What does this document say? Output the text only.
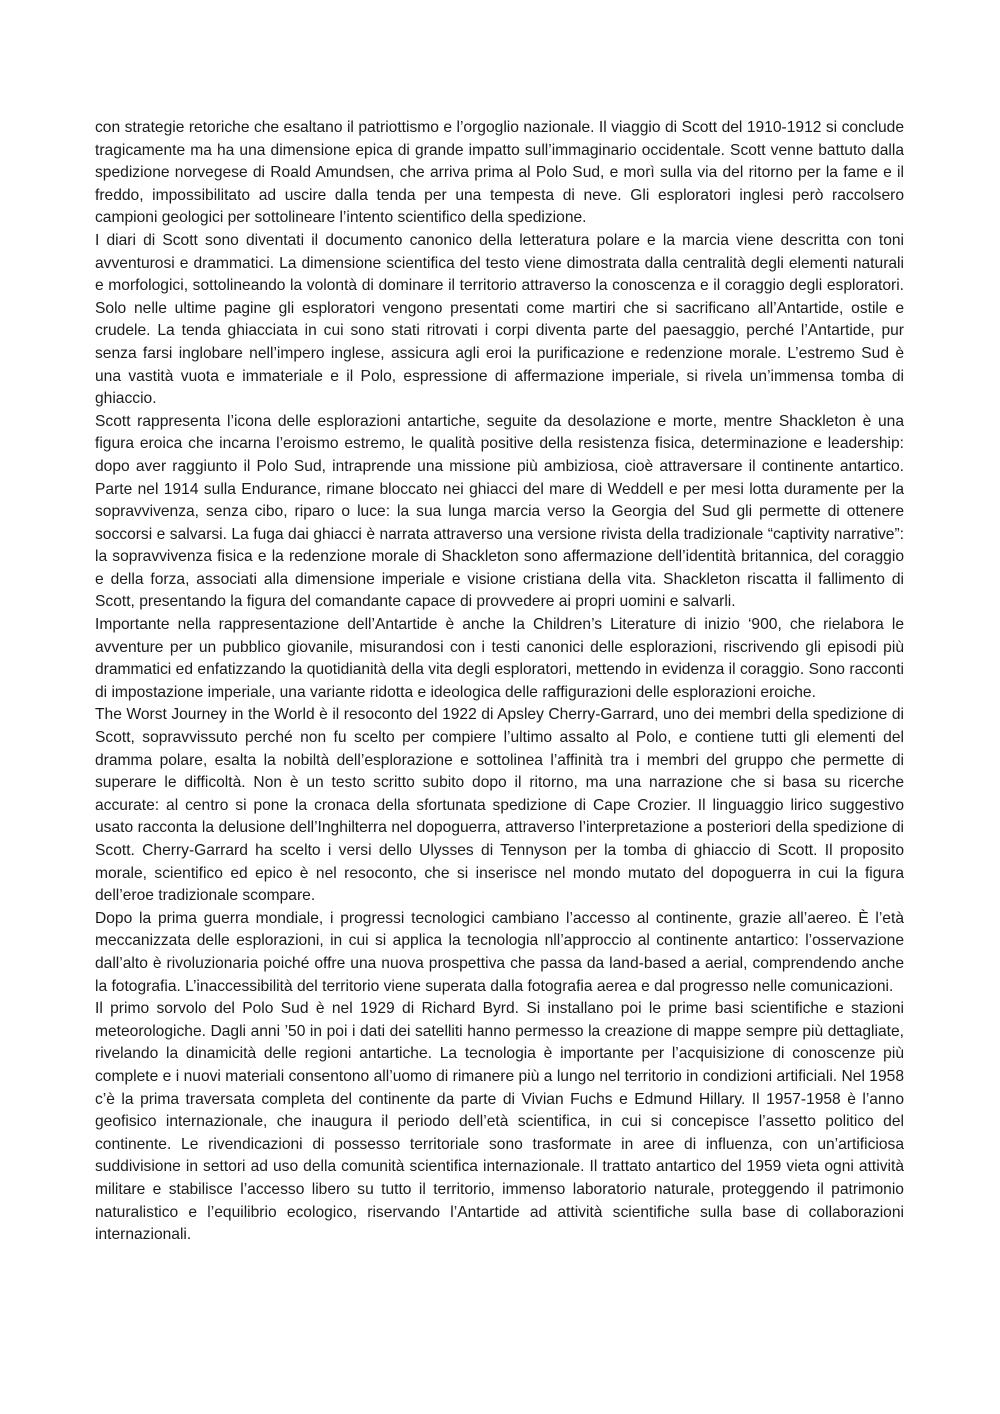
con strategie retoriche che esaltano il patriottismo e l’orgoglio nazionale. Il viaggio di Scott del 1910-1912 si conclude tragicamente ma ha una dimensione epica di grande impatto sull’immaginario occidentale. Scott venne battuto dalla spedizione norvegese di Roald Amundsen, che arriva prima al Polo Sud, e morì sulla via del ritorno per la fame e il freddo, impossibilitato ad uscire dalla tenda per una tempesta di neve. Gli esploratori inglesi però raccolsero campioni geologici per sottolineare l’intento scientifico della spedizione.

I diari di Scott sono diventati il documento canonico della letteratura polare e la marcia viene descritta con toni avventurosi e drammatici. La dimensione scientifica del testo viene dimostrata dalla centralità degli elementi naturali e morfologici, sottolineando la volontà di dominare il territorio attraverso la conoscenza e il coraggio degli esploratori. Solo nelle ultime pagine gli esploratori vengono presentati come martiri che si sacrificano all’Antartide, ostile e crudele. La tenda ghiacciata in cui sono stati ritrovati i corpi diventa parte del paesaggio, perché l’Antartide, pur senza farsi inglobare nell’impero inglese, assicura agli eroi la purificazione e redenzione morale. L’estremo Sud è una vastità vuota e immateriale e il Polo, espressione di affermazione imperiale, si rivela un’immensa tomba di ghiaccio.

Scott rappresenta l’icona delle esplorazioni antartiche, seguite da desolazione e morte, mentre Shackleton è una figura eroica che incarna l’eroismo estremo, le qualità positive della resistenza fisica, determinazione e leadership: dopo aver raggiunto il Polo Sud, intraprende una missione più ambiziosa, cioè attraversare il continente antartico. Parte nel 1914 sulla Endurance, rimane bloccato nei ghiacci del mare di Weddell e per mesi lotta duramente per la sopravvivenza, senza cibo, riparo o luce: la sua lunga marcia verso la Georgia del Sud gli permette di ottenere soccorsi e salvarsi. La fuga dai ghiacci è narrata attraverso una versione rivista della tradizionale “captivity narrative”: la sopravvivenza fisica e la redenzione morale di Shackleton sono affermazione dell’identità britannica, del coraggio e della forza, associati alla dimensione imperiale e visione cristiana della vita. Shackleton riscatta il fallimento di Scott, presentando la figura del comandante capace di provvedere ai propri uomini e salvarli.

Importante nella rappresentazione dell’Antartide è anche la Children’s Literature di inizio ‘900, che rielabora le avventure per un pubblico giovanile, misurandosi con i testi canonici delle esplorazioni, riscrivendo gli episodi più drammatici ed enfatizzando la quotidianità della vita degli esploratori, mettendo in evidenza il coraggio. Sono racconti di impostazione imperiale, una variante ridotta e ideologica delle raffigurazioni delle esplorazioni eroiche.

The Worst Journey in the World è il resoconto del 1922 di Apsley Cherry-Garrard, uno dei membri della spedizione di Scott, sopravvissuto perché non fu scelto per compiere l’ultimo assalto al Polo, e contiene tutti gli elementi del dramma polare, esalta la nobiltà dell’esplorazione e sottolinea l’affinità tra i membri del gruppo che permette di superare le difficoltà. Non è un testo scritto subito dopo il ritorno, ma una narrazione che si basa su ricerche accurate: al centro si pone la cronaca della sfortunata spedizione di Cape Crozier. Il linguaggio lirico suggestivo usato racconta la delusione dell’Inghilterra nel dopoguerra, attraverso l’interpretazione a posteriori della spedizione di Scott. Cherry-Garrard ha scelto i versi dello Ulysses di Tennyson per la tomba di ghiaccio di Scott. Il proposito morale, scientifico ed epico è nel resoconto, che si inserisce nel mondo mutato del dopoguerra in cui la figura dell’eroe tradizionale scompare.

Dopo la prima guerra mondiale, i progressi tecnologici cambiano l’accesso al continente, grazie all’aereo. È l’età meccanizzata delle esplorazioni, in cui si applica la tecnologia nll’approccio al continente antartico: l’osservazione dall’alto è rivoluzionaria poiché offre una nuova prospettiva che passa da land-based a aerial, comprendendo anche la fotografia. L’inaccessibilità del territorio viene superata dalla fotografia aerea e dal progresso nelle comunicazioni.

Il primo sorvolo del Polo Sud è nel 1929 di Richard Byrd. Si installano poi le prime basi scientifiche e stazioni meteorologiche. Dagli anni ’50 in poi i dati dei satelliti hanno permesso la creazione di mappe sempre più dettagliate, rivelando la dinamicità delle regioni antartiche. La tecnologia è importante per l’acquisizione di conoscenze più complete e i nuovi materiali consentono all’uomo di rimanere più a lungo nel territorio in condizioni artificiali. Nel 1958 c’è la prima traversata completa del continente da parte di Vivian Fuchs e Edmund Hillary. Il 1957-1958 è l’anno geofisico internazionale, che inaugura il periodo dell’età scientifica, in cui si concepisce l’assetto politico del continente. Le rivendicazioni di possesso territoriale sono trasformate in aree di influenza, con un’artificiosa suddivisione in settori ad uso della comunità scientifica internazionale. Il trattato antartico del 1959 vieta ogni attività militare e stabilisce l’accesso libero su tutto il territorio, immenso laboratorio naturale, proteggendo il patrimonio naturalistico e l’equilibrio ecologico, riservando l’Antartide ad attività scientifiche sulla base di collaborazioni internazionali.
